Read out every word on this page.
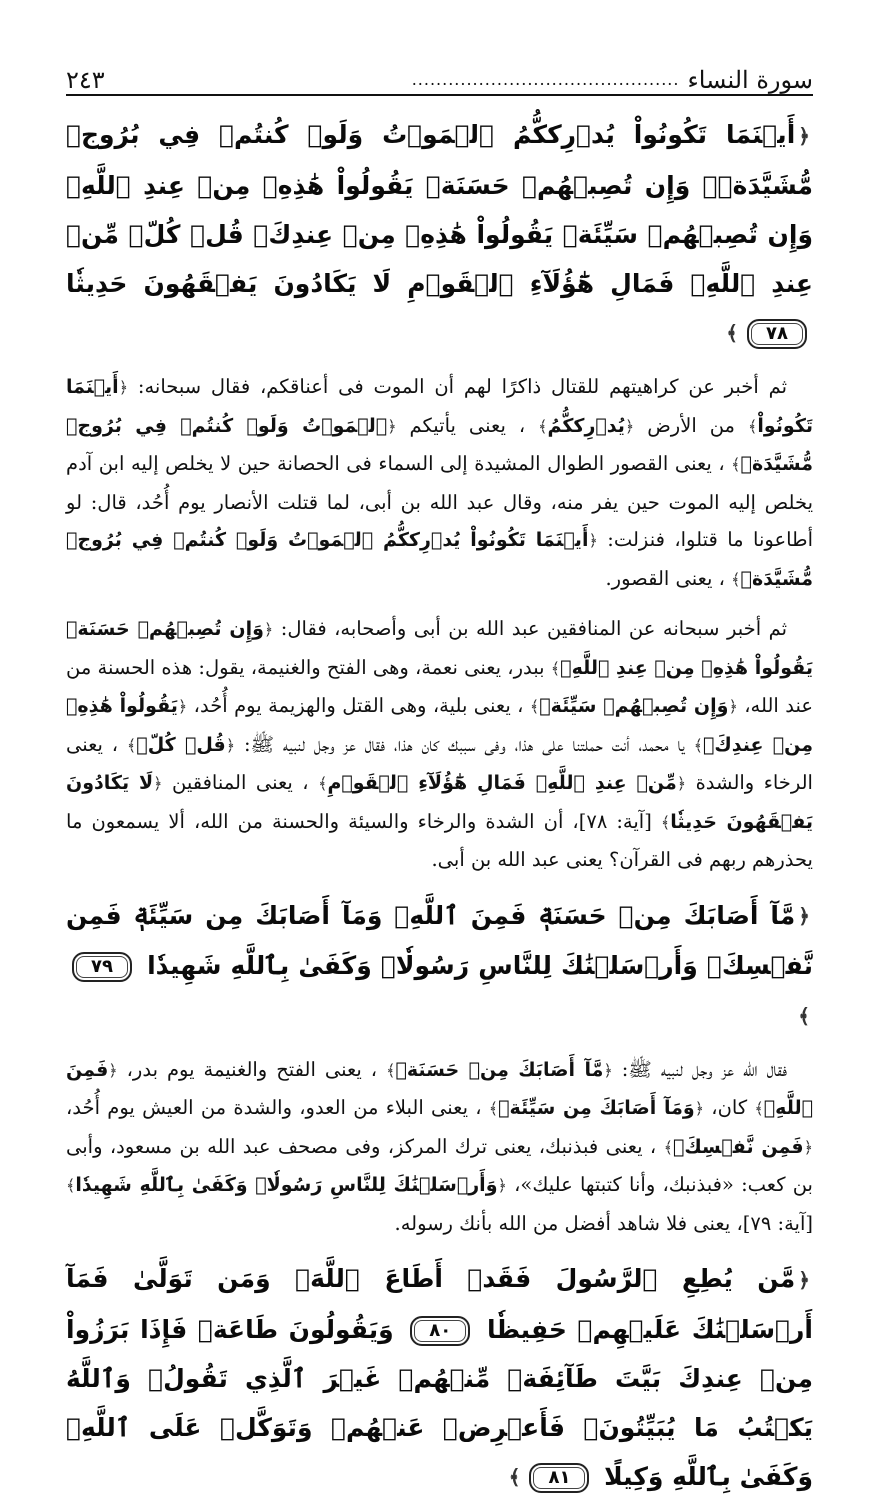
سورة النساء
............................................
٢٤٣

﴿أَيۡنَمَا تَكُونُواْ يُدۡرِككُّمُ ٱلۡمَوۡتُ وَلَوۡ كُنتُمۡ فِي بُرُوجٖ مُّشَيَّدَةٖۗ وَإِن تُصِبۡهُمۡ حَسَنَةٞ يَقُولُواْ هَٰذِهِۦ مِنۡ عِندِ ٱللَّهِۖ وَإِن تُصِبۡهُمۡ سَيِّئَةٞ يَقُولُواْ هَٰذِهِۦ مِنۡ عِندِكَۚ قُلۡ كُلّٞ مِّنۡ عِندِ ٱللَّهِۖ فَمَالِ هَٰٓؤُلَآءِ ٱلۡقَوۡمِ لَا يَكَادُونَ يَفۡقَهُونَ حَدِيثٗا ٧٨﴾

ثم أخبر عن كراهيتهم للقتال ذاكرًا لهم أن الموت فى أعناقكم، فقال سبحانه: ﴿أَيۡنَمَا تَكُونُواْ﴾ من الأرض ﴿يُدۡرِككُّمُ﴾ ، يعنى يأتيكم ﴿ٱلۡمَوۡتُ وَلَوۡ كُنتُمۡ فِي بُرُوجٖ مُّشَيَّدَةٖ﴾ ، يعنى القصور الطوال المشيدة إلى السماء فى الحصانة حين لا يخلص إليه ابن آدم يخلص إليه الموت حين يفر منه، وقال عبد الله بن أبى، لما قتلت الأنصار يوم أُحُد، قال: لو أطاعونا ما قتلوا، فنزلت: ﴿أَيۡنَمَا تَكُونُواْ يُدۡرِككُّمُ ٱلۡمَوۡتُ وَلَوۡ كُنتُمۡ فِي بُرُوجٖ مُّشَيَّدَةٖ﴾ ، يعنى القصور.

ثم أخبر سبحانه عن المنافقين عبد الله بن أبى وأصحابه، فقال: ﴿وَإِن تُصِبۡهُمۡ حَسَنَةٞ يَقُولُواْ هَٰذِهِۦ مِنۡ عِندِ ٱللَّهِۖ﴾ ببدر، يعنى نعمة، وهى الفتح والغنيمة، يقول: هذه الحسنة من عند الله، ﴿وَإِن تُصِبۡهُمۡ سَيِّئَةٞ﴾ ، يعنى بلية، وهى القتل والهزيمة يوم أُحُد، ﴿يَقُولُواْ هَٰذِهِۦ مِنۡ عِندِكَۚ﴾ يا محمد، أنت حملتنا على هذا، وفى سببك كان هذا، فقال عز وجل لنبيه ﷺ: ﴿قُلۡ كُلّٞ﴾ ، يعنى الرخاء والشدة ﴿مِّنۡ عِندِ ٱللَّهِۖ فَمَالِ هَٰٓؤُلَآءِ ٱلۡقَوۡمِ﴾ ، يعنى المنافقين ﴿لَا يَكَادُونَ يَفۡقَهُونَ حَدِيثٗا﴾ [آية: ٧٨]، أن الشدة والرخاء والسيئة والحسنة من الله، ألا يسمعون ما يحذرهم ربهم فى القرآن؟ يعنى عبد الله بن أبى.

﴿مَّآ أَصَابَكَ مِنۡ حَسَنَةٖ فَمِنَ ٱللَّهِۖ وَمَآ أَصَابَكَ مِن سَيِّئَةٖ فَمِن نَّفۡسِكَۚ وَأَرۡسَلۡنَٰكَ لِلنَّاسِ رَسُولٗاۚ وَكَفَىٰ بِٱللَّهِ شَهِيدٗا ٧٩﴾

فقال الله عز وجل لنبيه ﷺ: ﴿مَّآ أَصَابَكَ مِنۡ حَسَنَةٖ﴾ ، يعنى الفتح والغنيمة يوم بدر، ﴿فَمِنَ ٱللَّهِۖ﴾ كان، ﴿وَمَآ أَصَابَكَ مِن سَيِّئَةٖ﴾ ، يعنى البلاء من العدو، والشدة من العيش يوم أُحُد، ﴿فَمِن نَّفۡسِكَۚ﴾ ، يعنى فبذنبك، يعنى ترك المركز، وفى مصحف عبد الله بن مسعود، وأبى بن كعب: «فبذنبك، وأنا كتبتها عليك»، ﴿وَأَرۡسَلۡنَٰكَ لِلنَّاسِ رَسُولٗاۚ وَكَفَىٰ بِٱللَّهِ شَهِيدٗا﴾ [آية: ٧٩]، يعنى فلا شاهد أفضل من الله بأنك رسوله.

﴿مَّن يُطِعِ ٱلرَّسُولَ فَقَدۡ أَطَاعَ ٱللَّهَۖ وَمَن تَوَلَّىٰ فَمَآ أَرۡسَلۡنَٰكَ عَلَيۡهِمۡ حَفِيظٗا ٨٠ وَيَقُولُونَ طَاعَةٞ فَإِذَا بَرَزُواْ مِنۡ عِندِكَ بَيَّتَ طَآئِفَةٞ مِّنۡهُمۡ غَيۡرَ ٱلَّذِي تَقُولُۖ وَٱللَّهُ يَكۡتُبُ مَا يُبَيِّتُونَۖ فَأَعۡرِضۡ عَنۡهُمۡ وَتَوَكَّلۡ عَلَى ٱللَّهِۚ وَكَفَىٰ بِٱللَّهِ وَكِيلًا ٨١﴾
